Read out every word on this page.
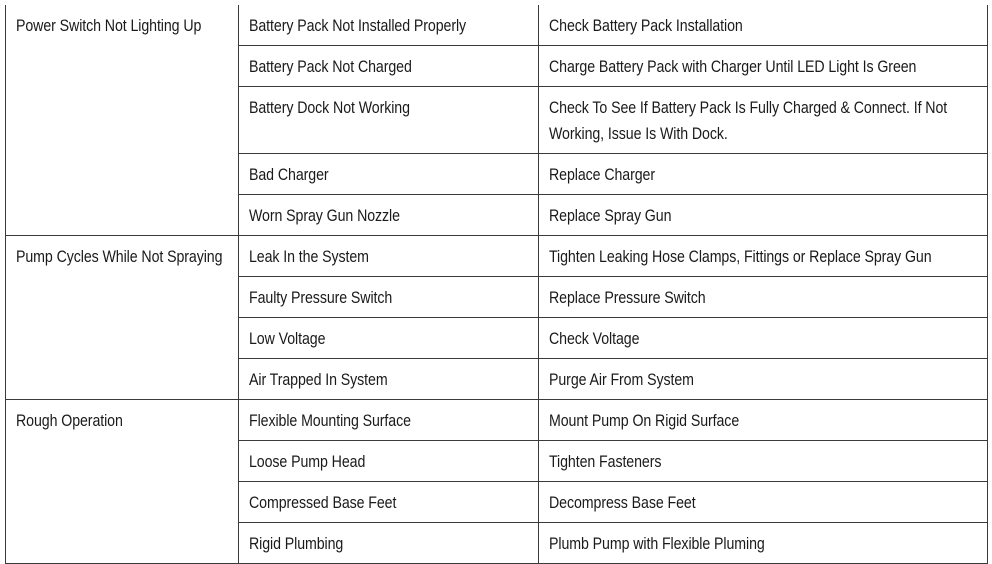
Power Switch Not Lighting Up	Battery Pack Not Installed Properly	Check Battery Pack Installation
	Battery Pack Not Charged	Charge Battery Pack with Charger Until LED Light Is Green
	Battery Dock Not Working	Check To See If Battery Pack Is Fully Charged & Connect. If Not Working, Issue Is With Dock.

	Bad Charger	Replace Charger
	Worn Spray Gun Nozzle	Replace Spray Gun
Pump Cycles While Not Spraying	Leak In the System	Tighten Leaking Hose Clamps, Fittings or Replace Spray Gun
	Faulty Pressure Switch	Replace Pressure Switch
	Low Voltage	Check Voltage
	Air Trapped In System	Purge Air From System
Rough Operation	Flexible Mounting Surface	Mount Pump On Rigid Surface
	Loose Pump Head	Tighten Fasteners
	Compressed Base Feet	Decompress Base Feet
	Rigid Plumbing	Plumb Pump with Flexible Pluming
